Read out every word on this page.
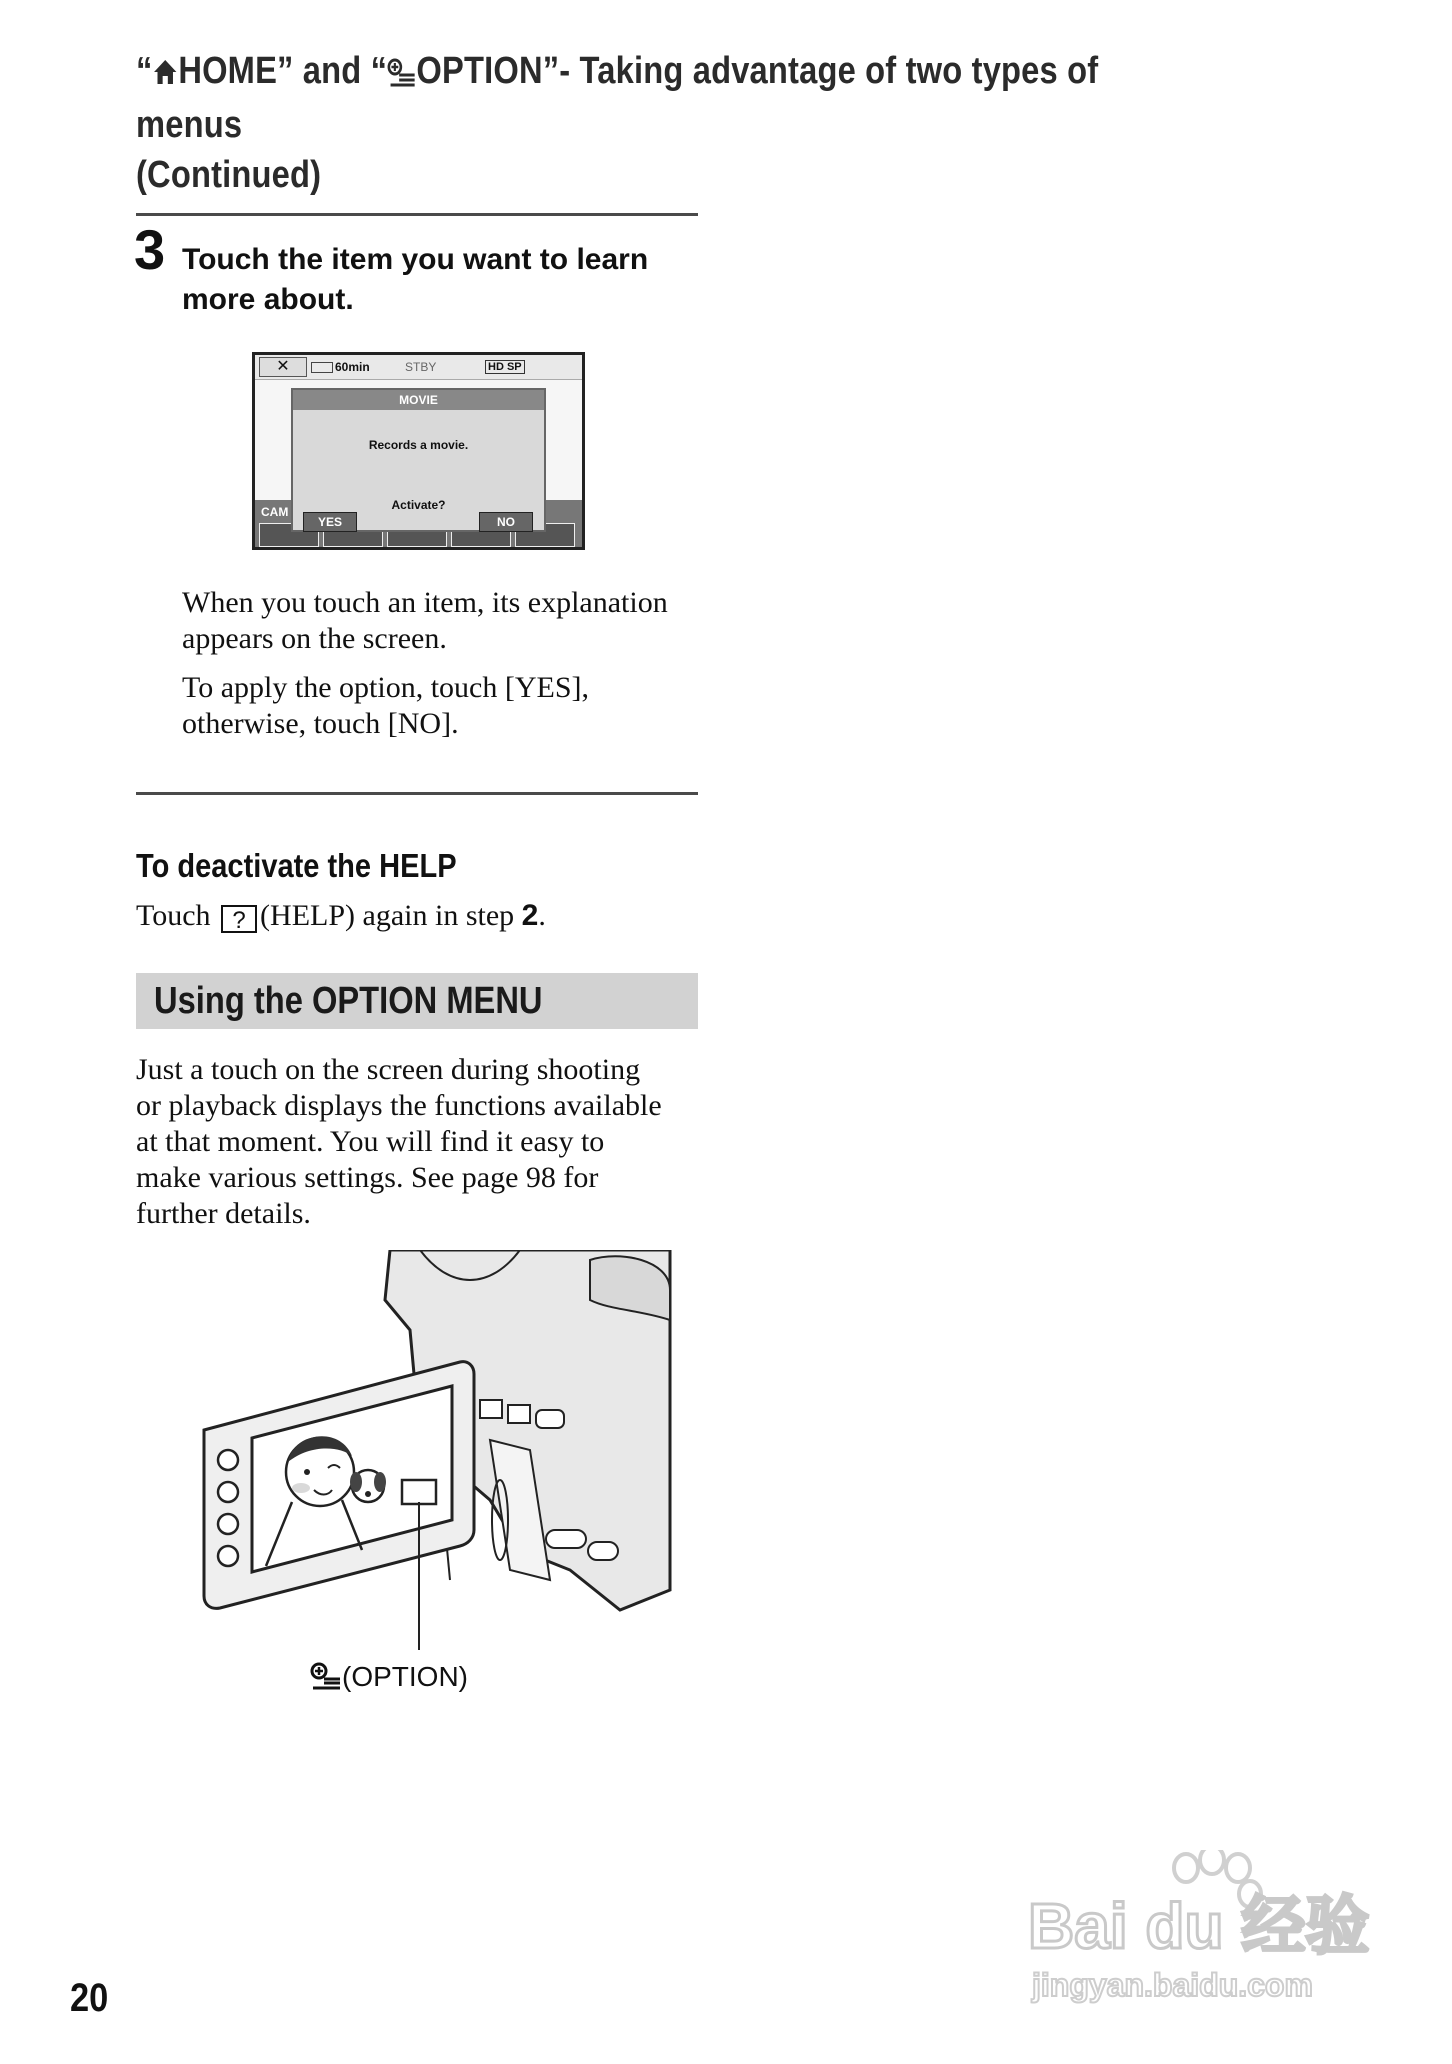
“ HOME” and “ OPTION”- Taking advantage of two types of menus
(Continued)
3 Touch the item you want to learn
more about.
✕	60min	STBY	HD SP
CAM
MOVIE
Records a movie.
Activate?
YES	NO
When you touch an item, its explanation
appears on the screen.
To apply the option, touch [YES],
otherwise, touch [NO].
To deactivate the HELP
Touch ? (HELP) again in step 2.
Using the OPTION MENU
Just a touch on the screen during shooting
or playback displays the functions available
at that moment. You will find it easy to
make various settings. See page 98 for
further details.
(OPTION)
Bai du 经验
jingyan.baidu.com
20
